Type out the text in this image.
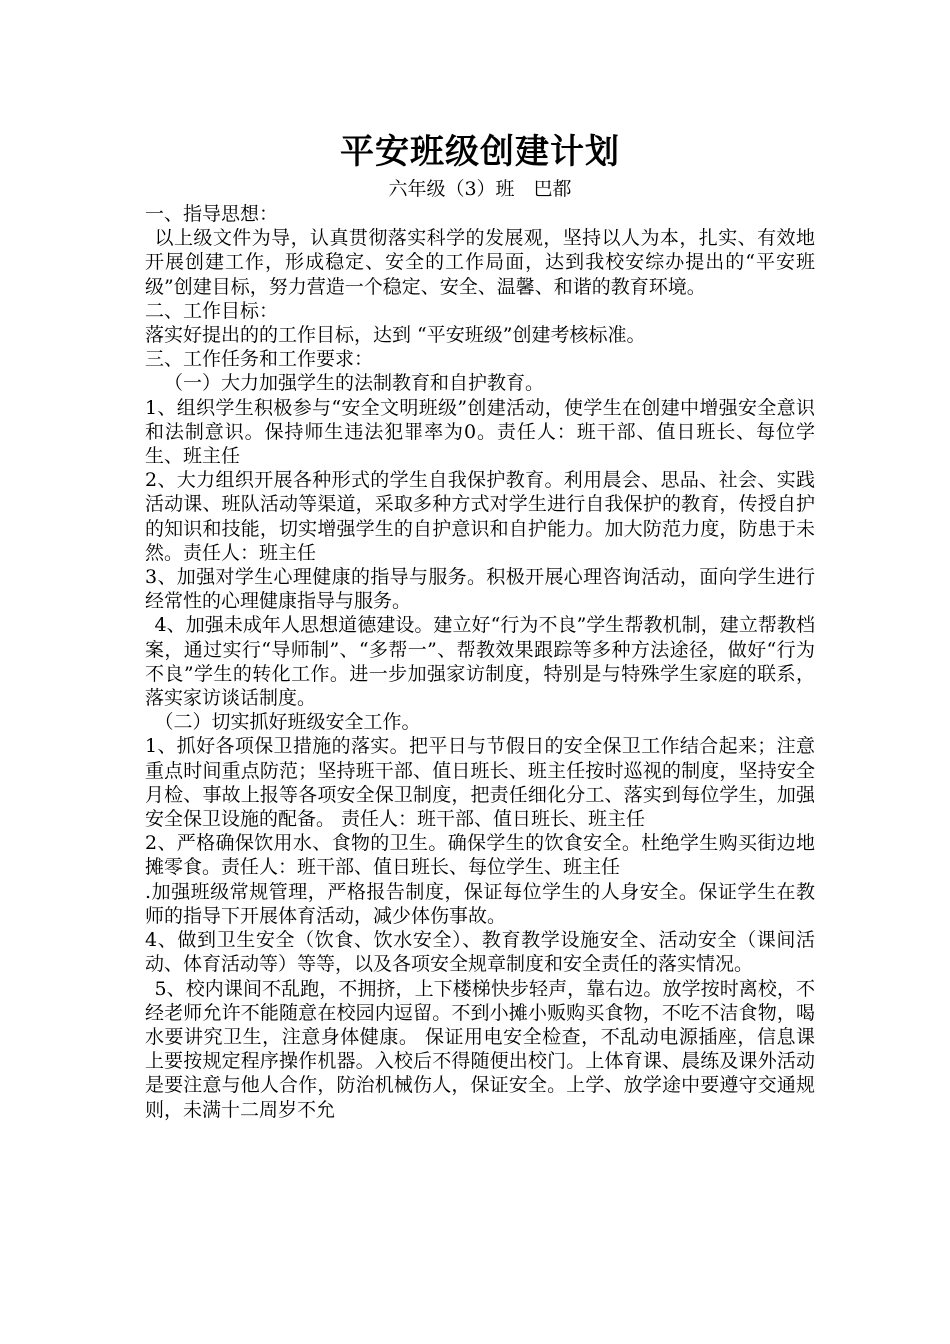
平安班级创建计划
六年级（3）班　巴都

一、指导思想：

以上级文件为导，认真贯彻落实科学的发展观，坚持以人为本，扎实、有效地开展创建工作，形成稳定、安全的工作局面，达到我校安综办提出的“平安班级”创建目标，努力营造一个稳定、安全、温馨、和谐的教育环境。

二、工作目标：

落实好提出的的工作目标，达到 “平安班级”创建考核标准。

三、工作任务和工作要求：

（一）大力加强学生的法制教育和自护教育。

1、组织学生积极参与“安全文明班级”创建活动，使学生在创建中增强安全意识和法制意识。保持师生违法犯罪率为0。责任人：班干部、值日班长、每位学生、班主任

2、大力组织开展各种形式的学生自我保护教育。利用晨会、思品、社会、实践活动课、班队活动等渠道，采取多种方式对学生进行自我保护的教育，传授自护的知识和技能，切实增强学生的自护意识和自护能力。加大防范力度，防患于未然。责任人：班主任

3、加强对学生心理健康的指导与服务。积极开展心理咨询活动，面向学生进行经常性的心理健康指导与服务。

4、加强未成年人思想道德建设。建立好“行为不良”学生帮教机制，建立帮教档案，通过实行“导师制”、“多帮一”、帮教效果跟踪等多种方法途径，做好“行为不良”学生的转化工作。进一步加强家访制度，特别是与特殊学生家庭的联系，落实家访谈话制度。

（二）切实抓好班级安全工作。

1、抓好各项保卫措施的落实。把平日与节假日的安全保卫工作结合起来；注意重点时间重点防范；坚持班干部、值日班长、班主任按时巡视的制度，坚持安全月检、事故上报等各项安全保卫制度，把责任细化分工、落实到每位学生，加强安全保卫设施的配备。 责任人：班干部、值日班长、班主任

2、严格确保饮用水、食物的卫生。确保学生的饮食安全。杜绝学生购买街边地摊零食。责任人：班干部、值日班长、每位学生、班主任

.加强班级常规管理，严格报告制度，保证每位学生的人身安全。保证学生在教师的指导下开展体育活动，减少体伤事故。

4、做到卫生安全（饮食、饮水安全）、教育教学设施安全、活动安全（课间活动、体育活动等）等等，以及各项安全规章制度和安全责任的落实情况。

5、校内课间不乱跑，不拥挤，上下楼梯快步轻声，靠右边。放学按时离校，不经老师允许不能随意在校园内逗留。不到小摊小贩购买食物，不吃不洁食物，喝水要讲究卫生，注意身体健康。 保证用电安全检查，不乱动电源插座，信息课上要按规定程序操作机器。入校后不得随便出校门。上体育课、晨练及课外活动是要注意与他人合作，防治机械伤人，保证安全。上学、放学途中要遵守交通规则，未满十二周岁不允
